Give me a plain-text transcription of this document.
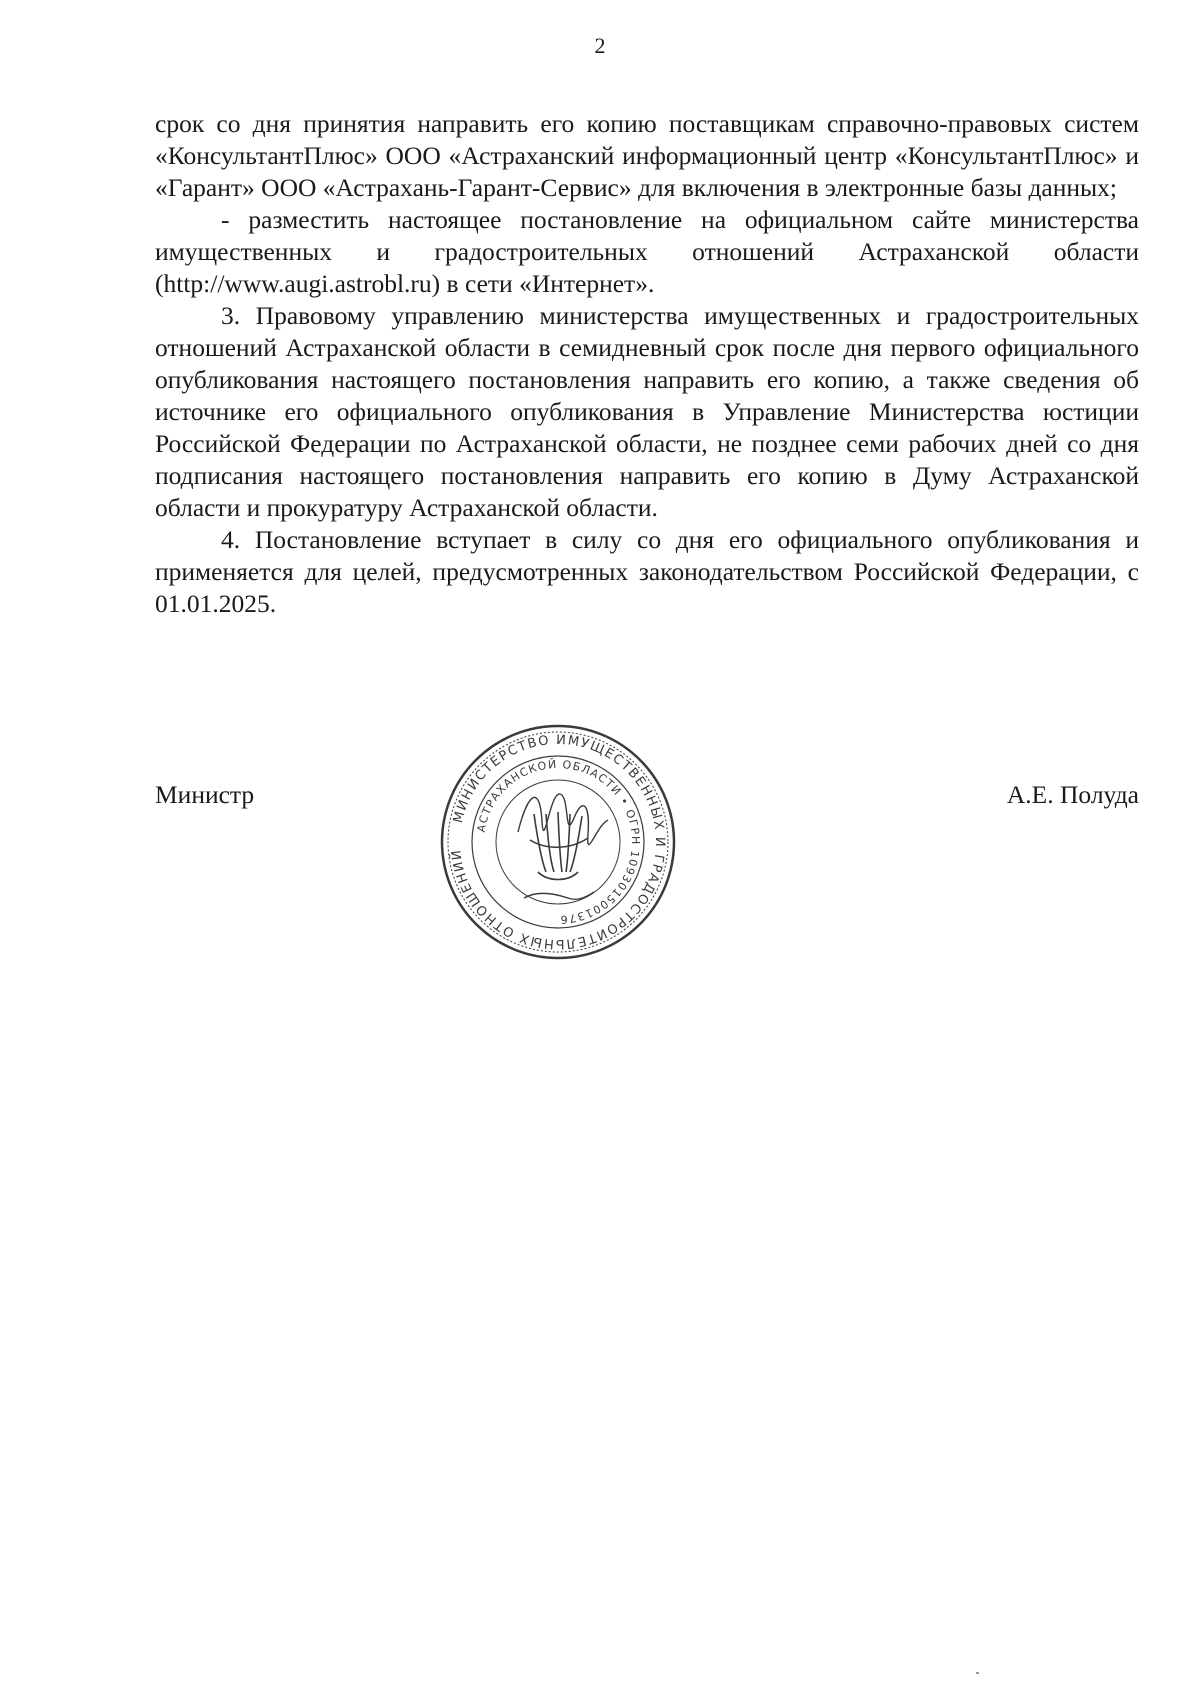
2

срок со дня принятия направить его копию поставщикам справочно-правовых систем «КонсультантПлюс» ООО «Астраханский информационный центр «КонсультантПлюс» и «Гарант» ООО «Астрахань-Гарант-Сервис» для включения в электронные базы данных;

- разместить настоящее постановление на официальном сайте министерства имущественных и градостроительных отношений Астраханской области (http://www.augi.astrobl.ru) в сети «Интернет».

3. Правовому управлению министерства имущественных и градостроительных отношений Астраханской области в семидневный срок после дня первого официального опубликования настоящего постановления направить его копию, а также сведения об источнике его официального опубликования в Управление Министерства юстиции Российской Федерации по Астраханской области, не позднее семи рабочих дней со дня подписания настоящего постановления направить его копию в Думу Астраханской области и прокуратуру Астраханской области.

4. Постановление вступает в силу со дня его официального опубликования и применяется для целей, предусмотренных законодательством Российской Федерации, с 01.01.2025.

Министр	А.Е. Полуда
МИНИСТЕРСТВО ИМУЩЕСТВЕННЫХ И ГРАДОСТРОИТЕЛЬНЫХ ОТНОШЕНИЙ
АСТРАХАНСКОЙ ОБЛАСТИ • ОГРН 1093015001376
